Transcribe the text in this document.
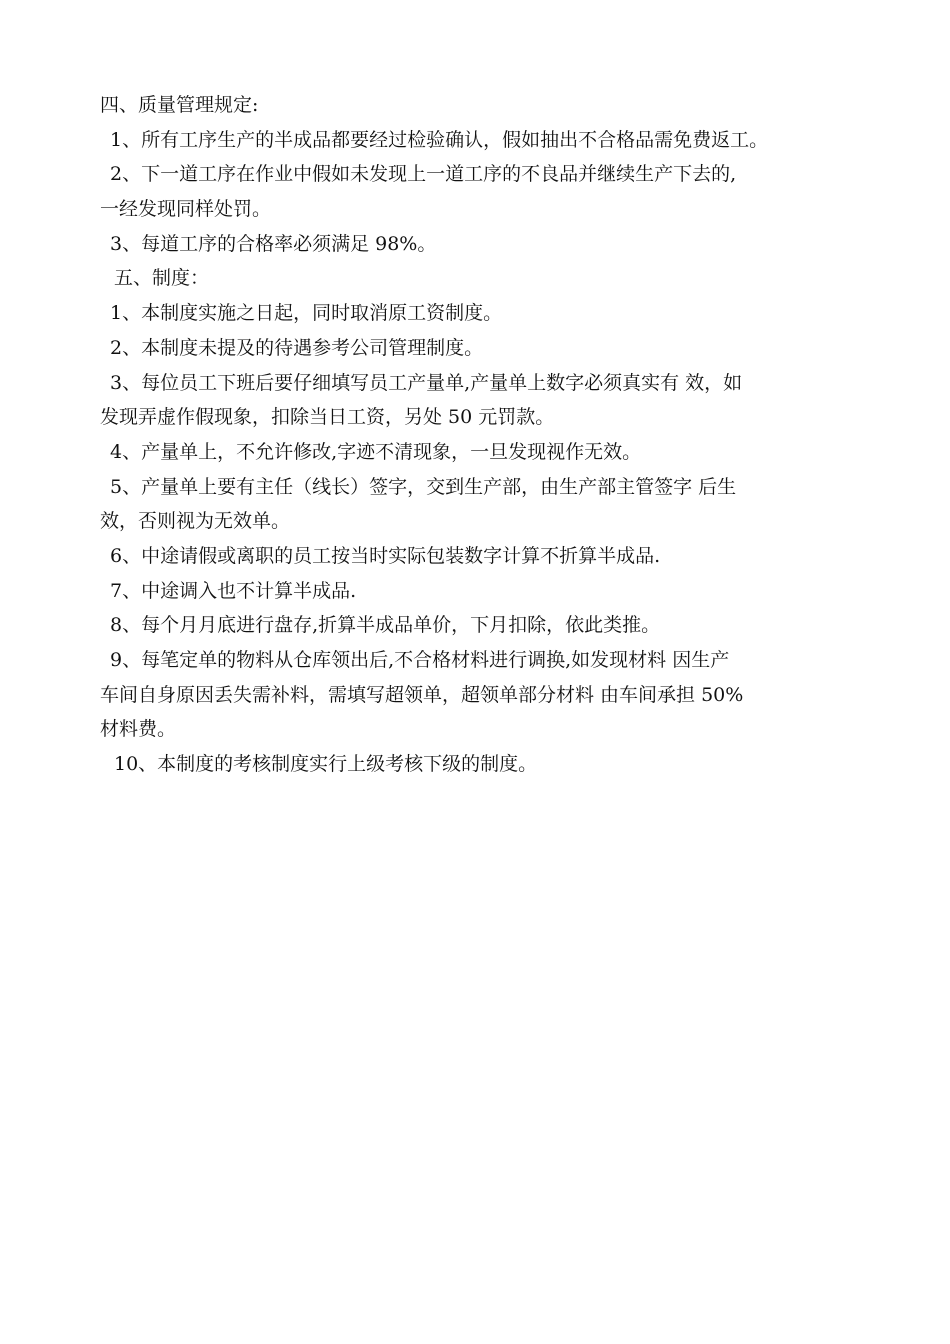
四、质量管理规定:
1、所有工序生产的半成品都要经过检验确认，假如抽出不合格品需免费返工。
2、下一道工序在作业中假如未发现上一道工序的不良品并继续生产下去的,
一经发现同样处罚。
3、每道工序的合格率必须满足 98%。
五、制度：
1、本制度实施之日起，同时取消原工资制度。
2、本制度未提及的待遇参考公司管理制度。
3、每位员工下班后要仔细填写员工产量单,产量单上数字必须真实有 效，如
发现弄虚作假现象，扣除当日工资，另处 50 元罚款。
4、产量单上，不允许修改,字迹不清现象，一旦发现视作无效。
5、产量单上要有主任（线长）签字，交到生产部，由生产部主管签字 后生
效，否则视为无效单。
6、中途请假或离职的员工按当时实际包装数字计算不折算半成品.
7、中途调入也不计算半成品.
8、每个月月底进行盘存,折算半成品单价，下月扣除，依此类推。
9、每笔定单的物料从仓库领出后,不合格材料进行调换,如发现材料 因生产
车间自身原因丢失需补料，需填写超领单，超领单部分材料 由车间承担 50%
材料费。
10、本制度的考核制度实行上级考核下级的制度。
